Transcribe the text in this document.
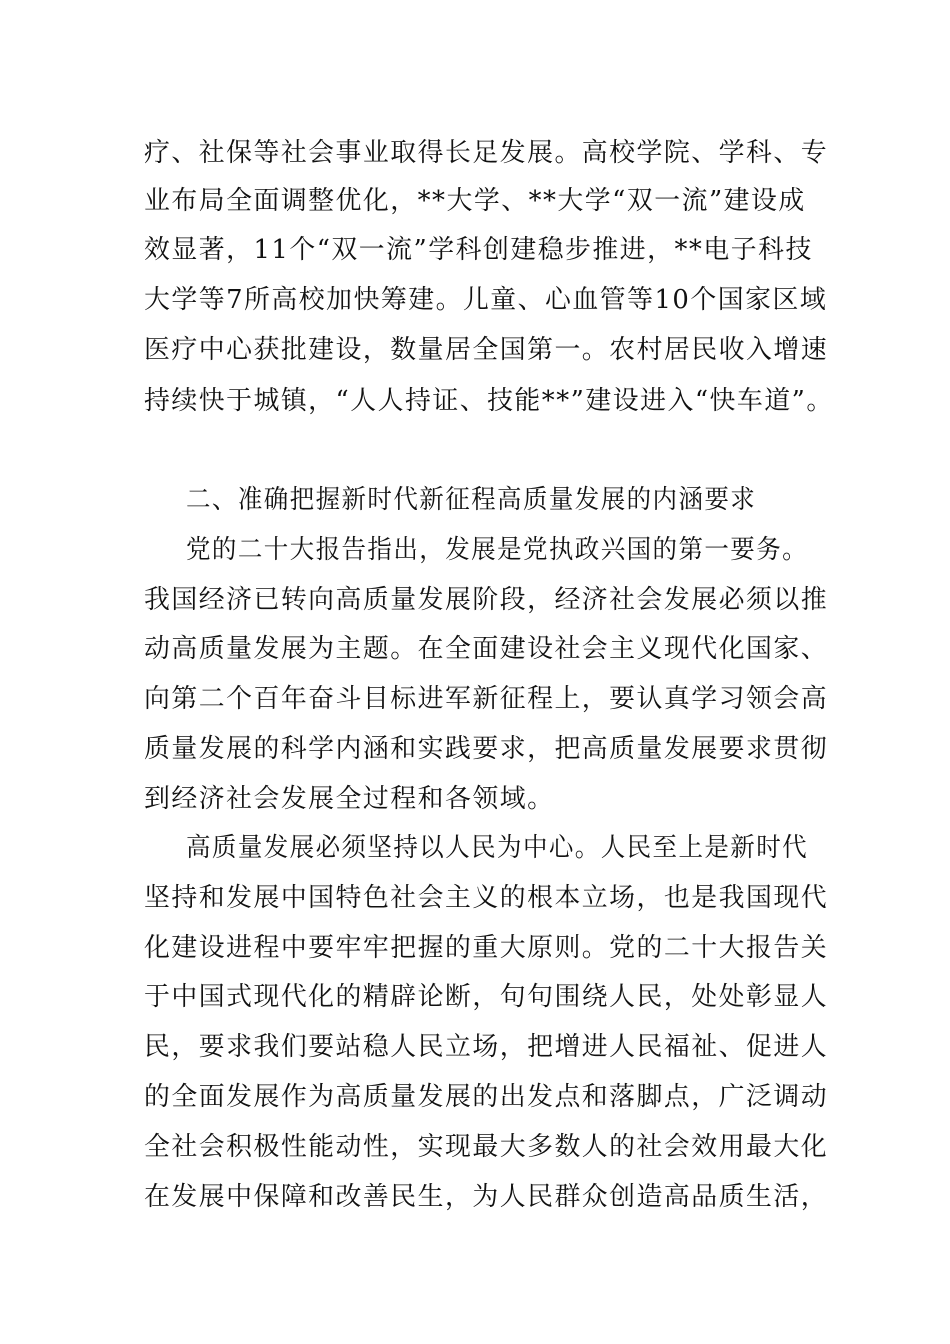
疗、社保等社会事业取得长足发展。高校学院、学科、专
业布局全面调整优化，**大学、**大学“双一流”建设成
效显著，11个“双一流”学科创建稳步推进，**电子科技
大学等7所高校加快筹建。儿童、心血管等10个国家区域
医疗中心获批建设，数量居全国第一。农村居民收入增速
持续快于城镇，“人人持证、技能**”建设进入“快车道”。
二、准确把握新时代新征程高质量发展的内涵要求
党的二十大报告指出，发展是党执政兴国的第一要务。
我国经济已转向高质量发展阶段，经济社会发展必须以推
动高质量发展为主题。在全面建设社会主义现代化国家、
向第二个百年奋斗目标进军新征程上，要认真学习领会高
质量发展的科学内涵和实践要求，把高质量发展要求贯彻
到经济社会发展全过程和各领域。
高质量发展必须坚持以人民为中心。人民至上是新时代
坚持和发展中国特色社会主义的根本立场，也是我国现代
化建设进程中要牢牢把握的重大原则。党的二十大报告关
于中国式现代化的精辟论断，句句围绕人民，处处彰显人
民，要求我们要站稳人民立场，把增进人民福祉、促进人
的全面发展作为高质量发展的出发点和落脚点，广泛调动
全社会积极性能动性，实现最大多数人的社会效用最大化
在发展中保障和改善民生，为人民群众创造高品质生活，
